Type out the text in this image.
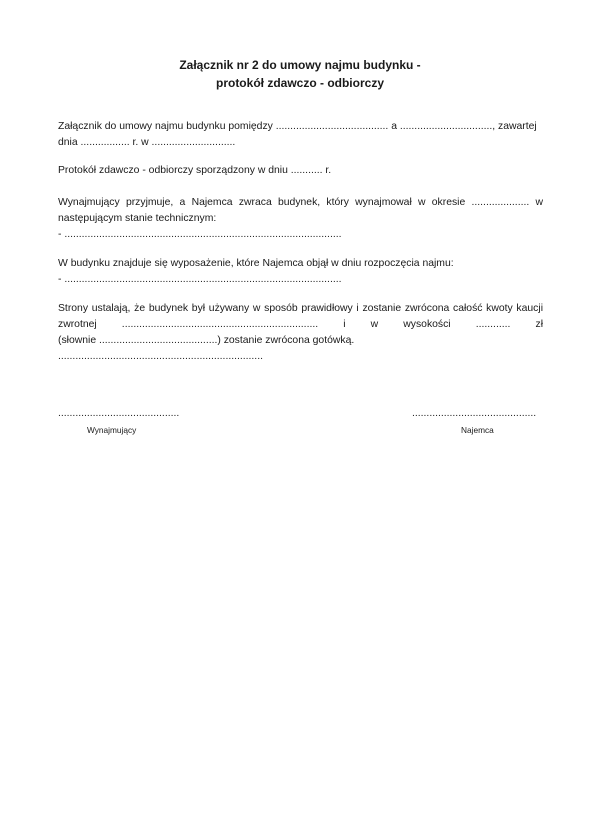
Załącznik nr 2 do umowy najmu budynku -
protokół zdawczo - odbiorczy
Załącznik do umowy najmu budynku pomiędzy ....................................... a ................................, zawartej
dnia ................. r. w .............................
Protokół zdawczo - odbiorczy sporządzony w dniu ........... r.
Wynajmujący przyjmuje, a Najemca zwraca budynek, który wynajmował w okresie .................... w
następującym stanie technicznym:
- ................................................................................................
W budynku znajduje się wyposażenie, które Najemca objął w dniu rozpoczęcia najmu:
- ................................................................................................
Strony ustalają, że budynek był używany w sposób prawidłowy i zostanie zwrócona całość kwoty kaucji
zwrotnej .................................................................... i w wysokości ............ zł
(słownie .........................................) zostanie zwrócona gotówką.
.......................................................................
..........................................
Wynajmujący
...........................................
Najemca
